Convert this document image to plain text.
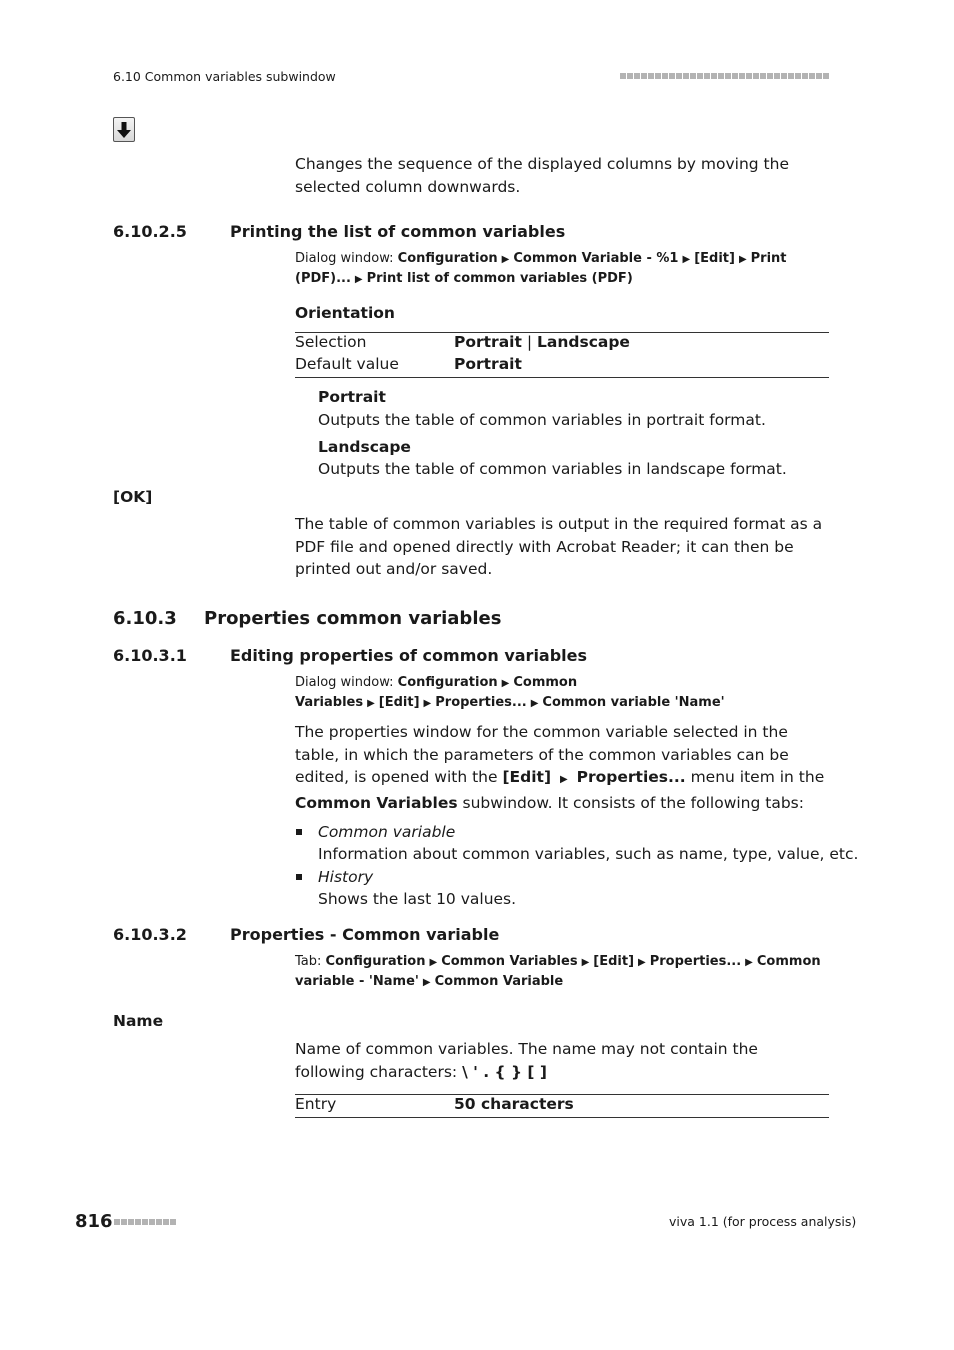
6.10 Common variables subwindow
Changes the sequence of the displayed columns by moving the selected column downwards.
6.10.2.5	Printing the list of common variables
Dialog window: Configuration ▶ Common Variable - %1 ▶ [Edit] ▶ Print (PDF)... ▶ Print list of common variables (PDF)
Orientation
Selection	Portrait | Landscape
Default value	Portrait
Portrait
Outputs the table of common variables in portrait format.
Landscape
Outputs the table of common variables in landscape format.
[OK]
The table of common variables is output in the required format as a PDF file and opened directly with Acrobat Reader; it can then be printed out and/or saved.
6.10.3 Properties common variables
6.10.3.1	Editing properties of common variables
Dialog window: Configuration ▶ Common Variables ▶ [Edit] ▶ Properties... ▶ Common variable 'Name'
The properties window for the common variable selected in the table, in which the parameters of the common variables can be edited, is opened with the [Edit] ▶ Properties... menu item in the Common Variables subwindow. It consists of the following tabs:
Common variable
Information about common variables, such as name, type, value, etc.
History
Shows the last 10 values.
6.10.3.2	Properties - Common variable
Tab: Configuration ▶ Common Variables ▶ [Edit] ▶ Properties... ▶ Common variable - 'Name' ▶ Common Variable
Name
Name of common variables. The name may not contain the following characters: \ ' . { } [ ]
Entry	50 characters
816	viva 1.1 (for process analysis)
